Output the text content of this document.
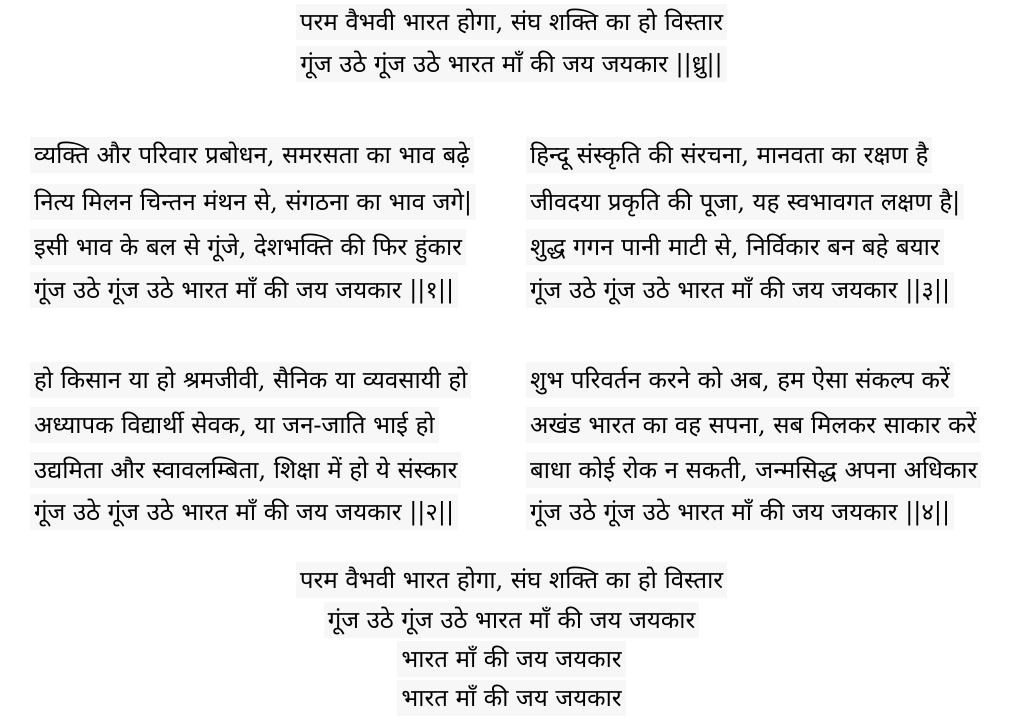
परम वैभवी भारत होगा, संघ शक्ति का हो विस्तार
गूंज उठे गूंज उठे भारत माँ की जय जयकार ||ध्रु||
व्यक्ति और परिवार प्रबोधन, समरसता का भाव बढ़े
नित्य मिलन चिन्तन मंथन से, संगठना का भाव जगे|
इसी भाव के बल से गूंजे, देशभक्ति की फिर हुंकार
गूंज उठे गूंज उठे भारत माँ की जय जयकार ||१||
हिन्दू संस्कृति की संरचना, मानवता का रक्षण है
जीवदया प्रकृति की पूजा, यह स्वभावगत लक्षण है|
शुद्ध गगन पानी माटी से, निर्विकार बन बहे बयार
गूंज उठे गूंज उठे भारत माँ की जय जयकार ||३||
हो किसान या हो श्रमजीवी, सैनिक या व्यवसायी हो
अध्यापक विद्यार्थी सेवक, या जन-जाति भाई हो
उद्यमिता और स्वावलम्बिता, शिक्षा में हो ये संस्कार
गूंज उठे गूंज उठे भारत माँ की जय जयकार ||२||
शुभ परिवर्तन करने को अब, हम ऐसा संकल्प करें
अखंड भारत का वह सपना, सब मिलकर साकार करें
बाधा कोई रोक न सकती, जन्मसिद्ध अपना अधिकार
गूंज उठे गूंज उठे भारत माँ की जय जयकार ||४||
परम वैभवी भारत होगा, संघ शक्ति का हो विस्तार
गूंज उठे गूंज उठे भारत माँ की जय जयकार
भारत माँ की जय जयकार
भारत माँ की जय जयकार
